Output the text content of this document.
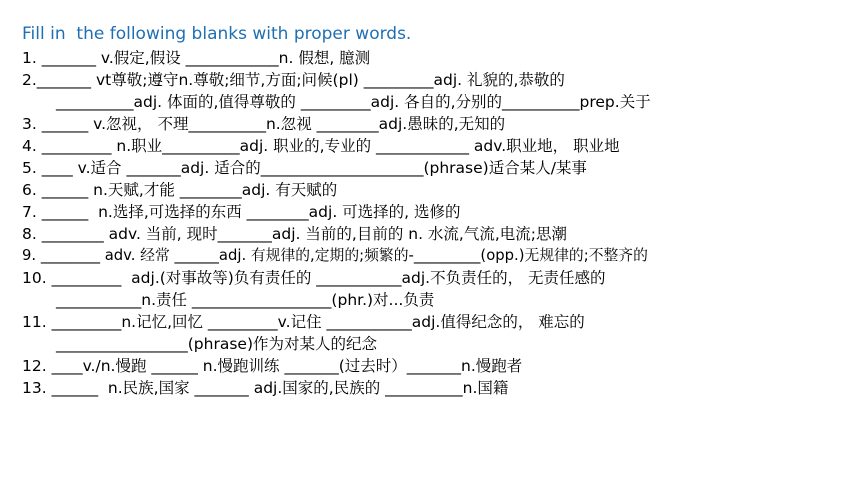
Fill in  the following blanks with proper words.
1. _______ v.假定,假设 ____________n. 假想, 臆测
2._______ vt尊敬;遵守n.尊敬;细节,方面;问候(pl) _________adj. 礼貌的,恭敬的
__________adj. 体面的,值得尊敬的 _________adj. 各自的,分别的__________prep.关于
3. ______ v.忽视， 不理__________n.忽视 ________adj.愚昧的,无知的
4. _________ n.职业__________adj. 职业的,专业的 ____________ adv.职业地， 职业地
5. ____ v.适合 _______adj. 适合的_____________________(phrase)适合某人/某事
6. ______ n.天赋,才能 ________adj. 有天赋的
7. ______  n.选择,可选择的东西 ________adj. 可选择的, 选修的
8. ________ adv. 当前, 现时_______adj. 当前的,目前的 n. 水流,气流,电流;思潮
9. ________ adv. 经常 ______adj. 有规律的,定期的;频繁的-_________(opp.)无规律的;不整齐的
10. _________  adj.(对事故等)负有责任的 ___________adj.不负责任的， 无责任感的
___________n.责任 __________________(phr.)对...负责
11. _________n.记忆,回忆 _________v.记住 ___________adj.值得纪念的， 难忘的
_________________(phrase)作为对某人的纪念
12. ____v./n.慢跑 ______ n.慢跑训练 _______(过去时）_______n.慢跑者
13. ______  n.民族,国家 _______ adj.国家的,民族的 __________n.国籍
